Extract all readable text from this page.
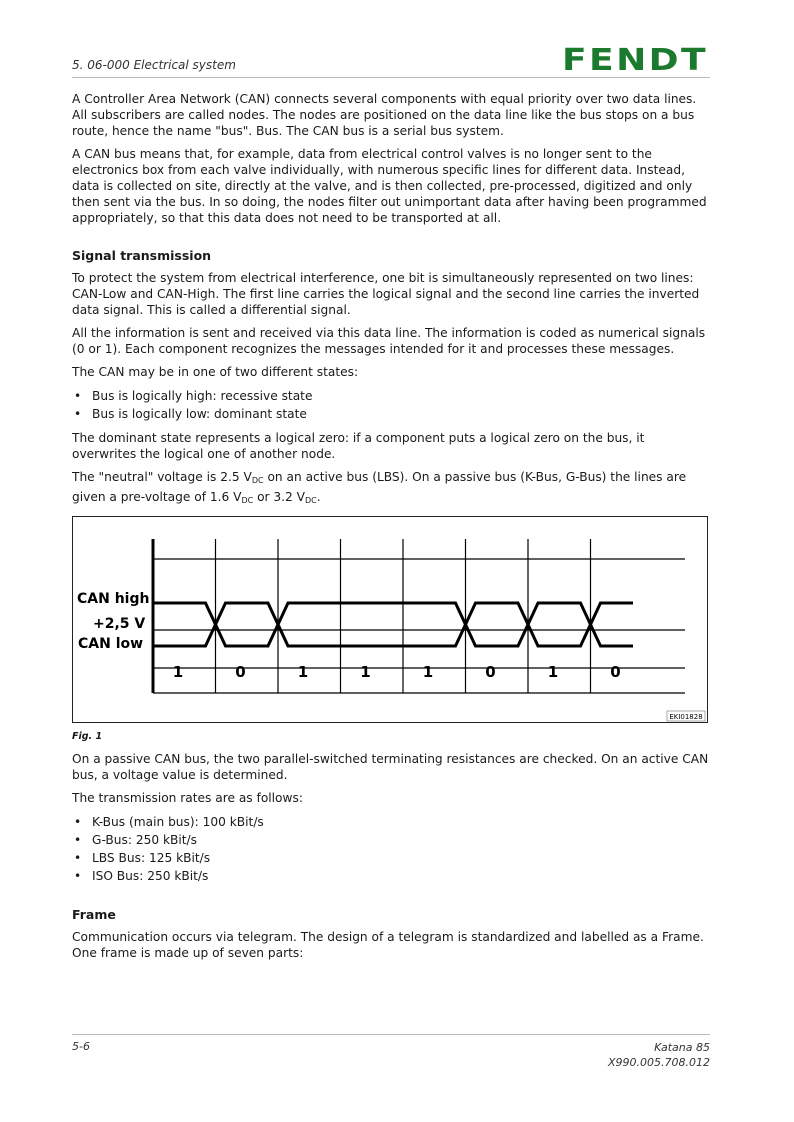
5. 06-000 Electrical system	FENDT

A Controller Area Network (CAN) connects several components with equal priority over two data lines. All subscribers are called nodes. The nodes are positioned on the data line like the bus stops on a bus route, hence the name "bus". Bus. The CAN bus is a serial bus system.

A CAN bus means that, for example, data from electrical control valves is no longer sent to the electronics box from each valve individually, with numerous specific lines for different data. Instead, data is collected on site, directly at the valve, and is then collected, pre-processed, digitized and only then sent via the bus. In so doing, the nodes filter out unimportant data after having been programmed appropriately, so that this data does not need to be transported at all.

Signal transmission

To protect the system from electrical interference, one bit is simultaneously represented on two lines: CAN-Low and CAN-High. The first line carries the logical signal and the second line carries the inverted data signal. This is called a differential signal.

All the information is sent and received via this data line. The information is coded as numerical signals (0 or 1). Each component recognizes the messages intended for it and processes these messages.

The CAN may be in one of two different states:

• Bus is logically high: recessive state
• Bus is logically low: dominant state

The dominant state represents a logical zero: if a component puts a logical zero on the bus, it overwrites the logical one of another node.

The "neutral" voltage is 2.5 $V_{DC}$ on an active bus (LBS). On a passive bus (K-Bus, G-Bus) the lines are given a pre-voltage of 1.6 $V_{DC}$ or 3.2 $V_{DC}$.

CAN high
+2,5 V
CAN low
1	0	1	1	1	0	1	0
EKI01828
Fig. 1

On a passive CAN bus, the two parallel-switched terminating resistances are checked. On an active CAN bus, a voltage value is determined.

The transmission rates are as follows:

• K-Bus (main bus): 100 kBit/s
• G-Bus: 250 kBit/s
• LBS Bus: 125 kBit/s
• ISO Bus: 250 kBit/s
Frame

Communication occurs via telegram. The design of a telegram is standardized and labelled as a Frame. One frame is made up of seven parts:

5-6	Katana 85
X990.005.708.012
